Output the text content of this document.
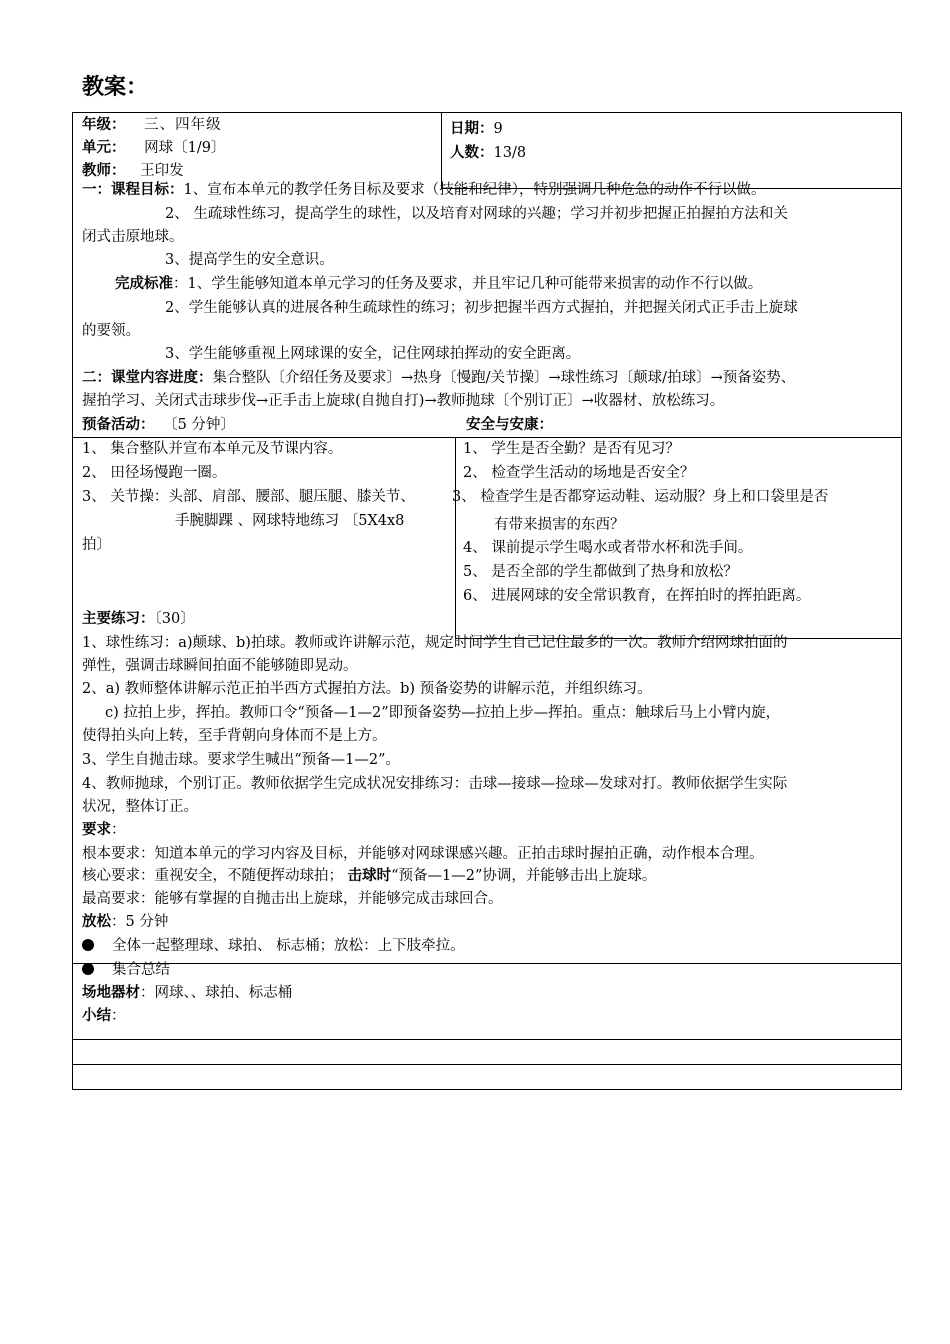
教案：
年级： 三、四年级
单元： 网球〔1/9〕
教师： 王印发
日期：9
人数：13/8
一：课程目标：1、宣布本单元的教学任务目标及要求（技能和纪律），特别强调几种危急的动作不行以做。
2、 生疏球性练习，提高学生的球性，以及培育对网球的兴趣；学习并初步把握正拍握拍方法和关
闭式击原地球。
3、提高学生的安全意识。
完成标准：1、学生能够知道本单元学习的任务及要求，并且牢记几种可能带来损害的动作不行以做。
2、学生能够认真的进展各种生疏球性的练习；初步把握半西方式握拍，并把握关闭式正手击上旋球
的要领。
3、学生能够重视上网球课的安全，记住网球拍挥动的安全距离。
二：课堂内容进度：集合整队〔介绍任务及要求〕→热身〔慢跑/关节操〕→球性练习〔颠球/拍球〕→预备姿势、
握拍学习、关闭式击球步伐→正手击上旋球(自抛自打)→教师抛球〔个别订正〕→收器材、放松练习。
预备活动： 〔5 分钟〕	安全与安康：
1、 集合整队并宣布本单元及节课内容。
2、 田径场慢跑一圈。
3、 关节操：头部、肩部、腰部、腿压腿、膝关节、
手腕脚踝 、网球特地练习 〔5X4x8
拍〕
1、 学生是否全勤？是否有见习？
2、 检查学生活动的场地是否安全？
3、 检查学生是否都穿运动鞋、运动服？身上和口袋里是否
有带来损害的东西？
4、 课前提示学生喝水或者带水杯和洗手间。
5、 是否全部的学生都做到了热身和放松？
6、 进展网球的安全常识教育，在挥拍时的挥拍距离。
主要练习：〔30〕
1、球性练习：a)颠球、b)拍球。教师或许讲解示范，规定时间学生自己记住最多的一次。教师介绍网球拍面的
弹性，强调击球瞬间拍面不能够随即晃动。
2、a) 教师整体讲解示范正拍半西方式握拍方法。b) 预备姿势的讲解示范，并组织练习。
c) 拉拍上步，挥拍。教师口令“预备—1—2”即预备姿势—拉拍上步—挥拍。重点：触球后马上小臂内旋，
使得拍头向上转，至手背朝向身体而不是上方。
3、学生自抛击球。要求学生喊出“预备—1—2”。
4、教师抛球，个别订正。教师依据学生完成状况安排练习：击球—接球—捡球—发球对打。教师依据学生实际
状况，整体订正。
要求：
根本要求：知道本单元的学习内容及目标，并能够对网球课感兴趣。正拍击球时握拍正确，动作根本合理。
核心要求：重视安全，不随便挥动球拍； 击球时“预备—1—2”协调，并能够击出上旋球。
最高要求：能够有掌握的自抛击出上旋球，并能够完成击球回合。
放松：5 分钟
全体一起整理球、球拍、 标志桶；放松：上下肢牵拉。
集合总结
场地器材：网球、、球拍、标志桶
小结：
